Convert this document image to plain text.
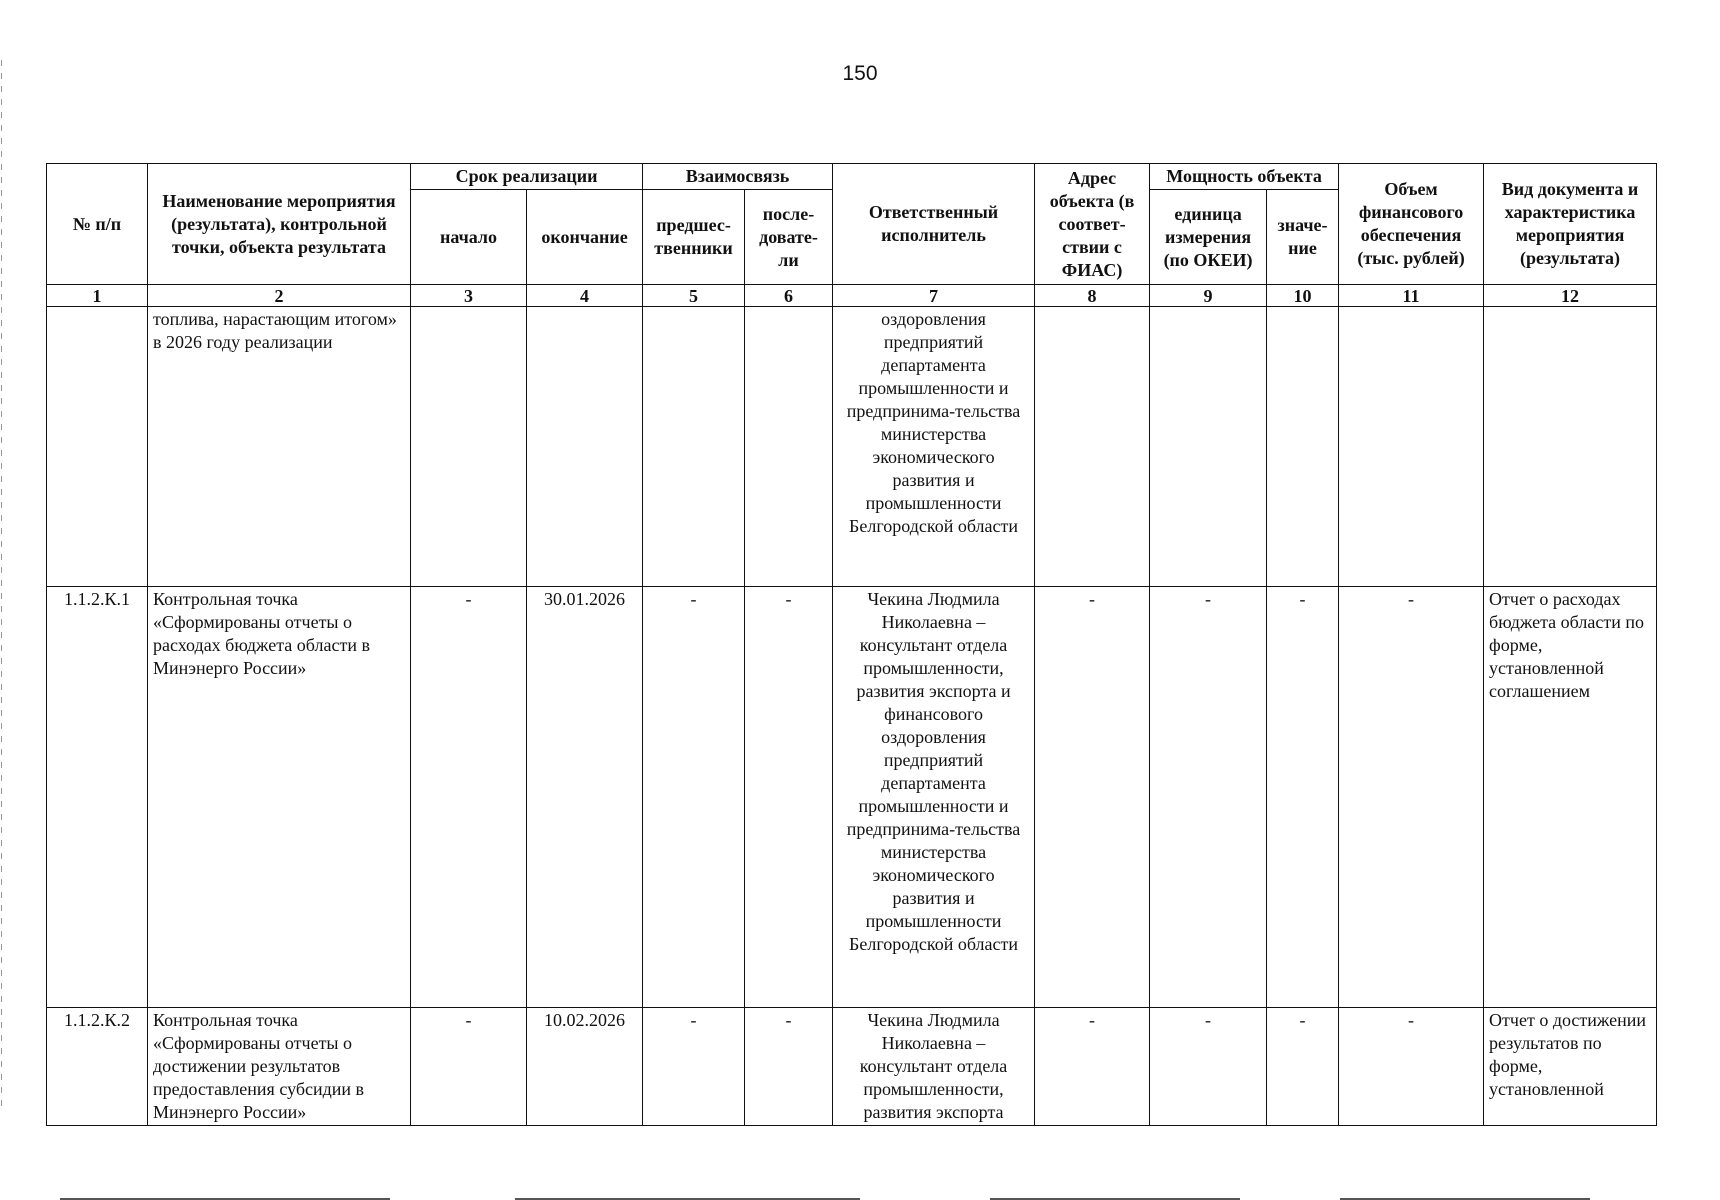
150
№ п/п	Наименование мероприятия (результата), контрольной точки, объекта результата	Срок реализации		Взаимосвязь		Ответственный исполнитель	Адрес объекта (в соответ-ствии с ФИАС)	Мощность объекта		Объем финансового обеспечения (тыс. рублей)	Вид документа и характеристика мероприятия (результата)
		начало	окончание	предшес-твенники	после-довате-ли			единица измерения (по ОКЕИ)	значе-ние		
1	2	3	4	5	6	7	8	9	10	11	12
	топлива, нарастающим итогом» в 2026 году реализации					оздоровления предприятий департамента промышленности и предпринима-тельства министерства экономического развития и промышленности Белгородской области					
1.1.2.К.1	Контрольная точка «Сформированы отчеты о расходах бюджета области в Минэнерго России»	-	30.01.2026	-	-	Чекина Людмила Николаевна – консультант отдела промышленности, развития экспорта и финансового оздоровления предприятий департамента промышленности и предпринима-тельства министерства экономического развития и промышленности Белгородской области	-	-	-	-	Отчет о расходах бюджета области по форме, установленной соглашением
1.1.2.К.2	Контрольная точка «Сформированы отчеты о достижении результатов предоставления субсидии в Минэнерго России»	-	10.02.2026	-	-	Чекина Людмила Николаевна – консультант отдела промышленности, развития экспорта	-	-	-	-	Отчет о достижении результатов по форме, установленной
